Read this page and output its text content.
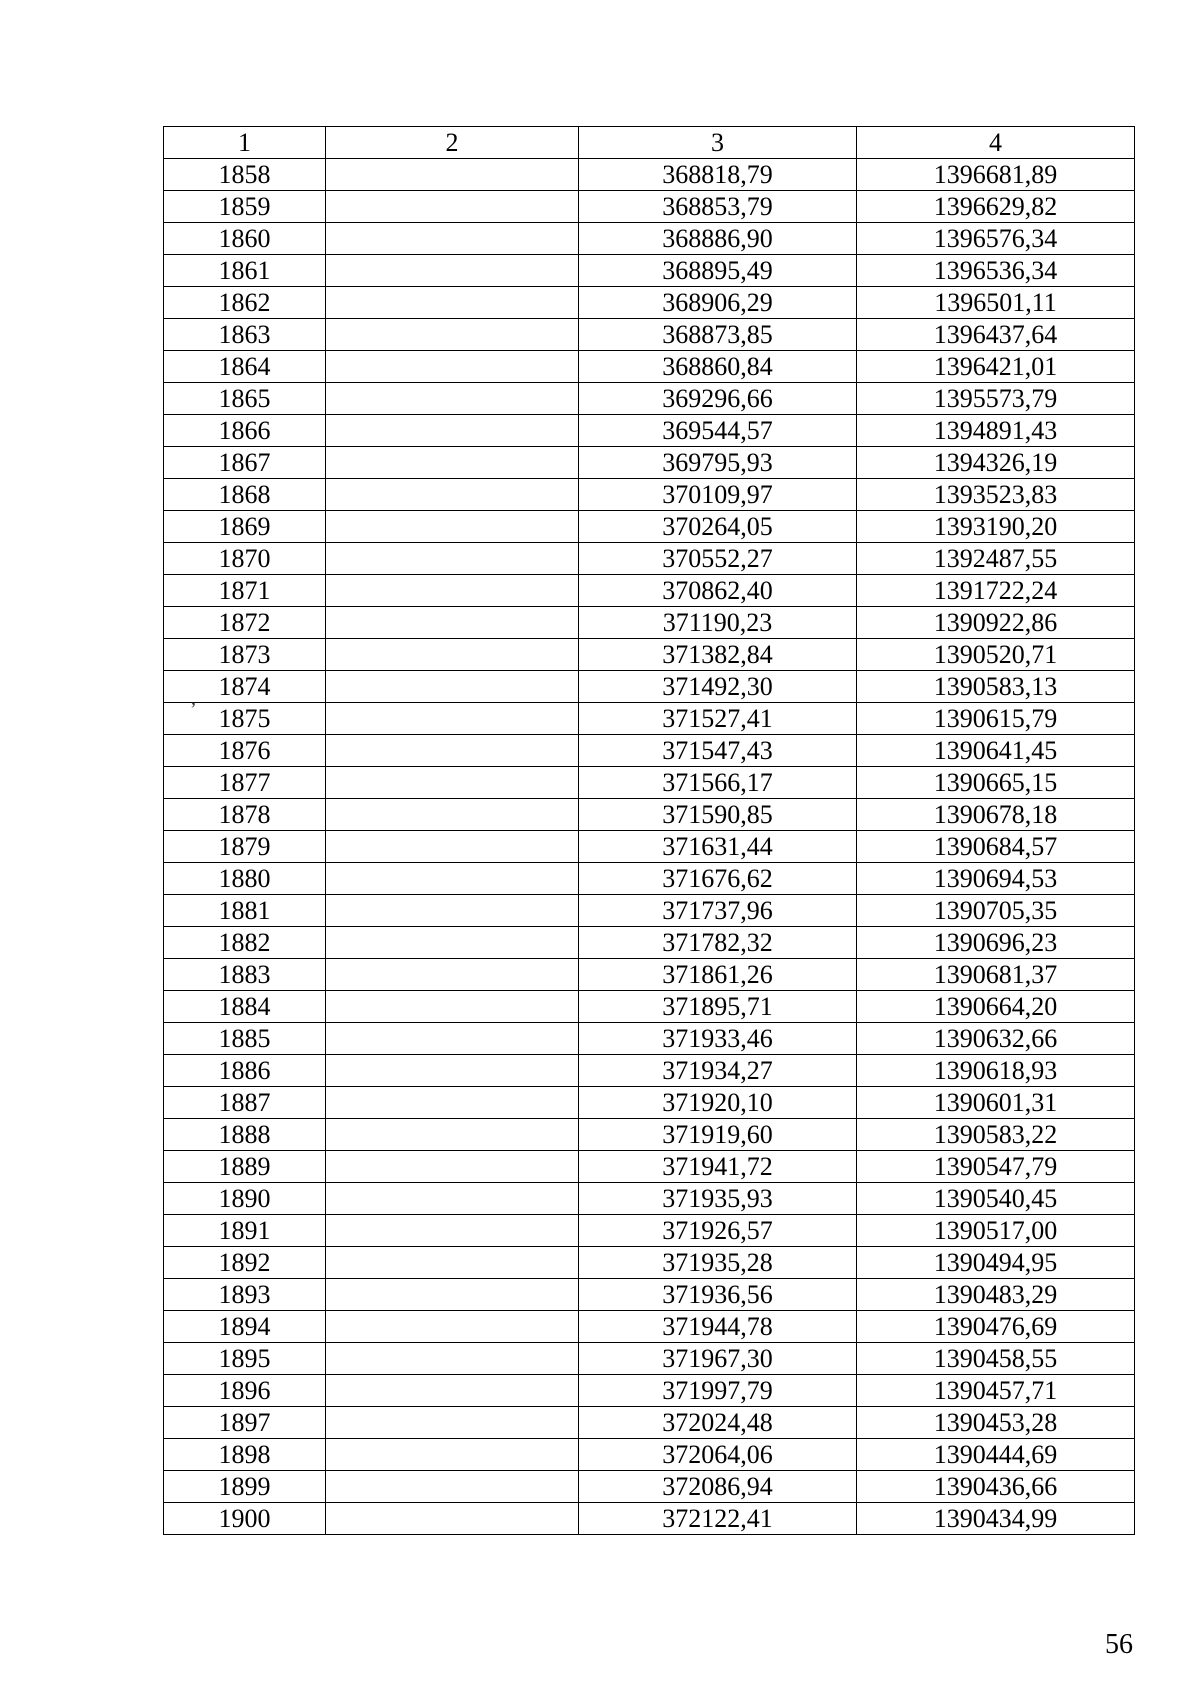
1	2	3	4
1858		368818,79	1396681,89
1859		368853,79	1396629,82
1860		368886,90	1396576,34
1861		368895,49	1396536,34
1862		368906,29	1396501,11
1863		368873,85	1396437,64
1864		368860,84	1396421,01
1865		369296,66	1395573,79
1866		369544,57	1394891,43
1867		369795,93	1394326,19
1868		370109,97	1393523,83
1869		370264,05	1393190,20
1870		370552,27	1392487,55
1871		370862,40	1391722,24
1872		371190,23	1390922,86
1873		371382,84	1390520,71
1874		371492,30	1390583,13
1875		371527,41	1390615,79
1876		371547,43	1390641,45
1877		371566,17	1390665,15
1878		371590,85	1390678,18
1879		371631,44	1390684,57
1880		371676,62	1390694,53
1881		371737,96	1390705,35
1882		371782,32	1390696,23
1883		371861,26	1390681,37
1884		371895,71	1390664,20
1885		371933,46	1390632,66
1886		371934,27	1390618,93
1887		371920,10	1390601,31
1888		371919,60	1390583,22
1889		371941,72	1390547,79
1890		371935,93	1390540,45
1891		371926,57	1390517,00
1892		371935,28	1390494,95
1893		371936,56	1390483,29
1894		371944,78	1390476,69
1895		371967,30	1390458,55
1896		371997,79	1390457,71
1897		372024,48	1390453,28
1898		372064,06	1390444,69
1899		372086,94	1390436,66
1900		372122,41	1390434,99
ʼ
56
